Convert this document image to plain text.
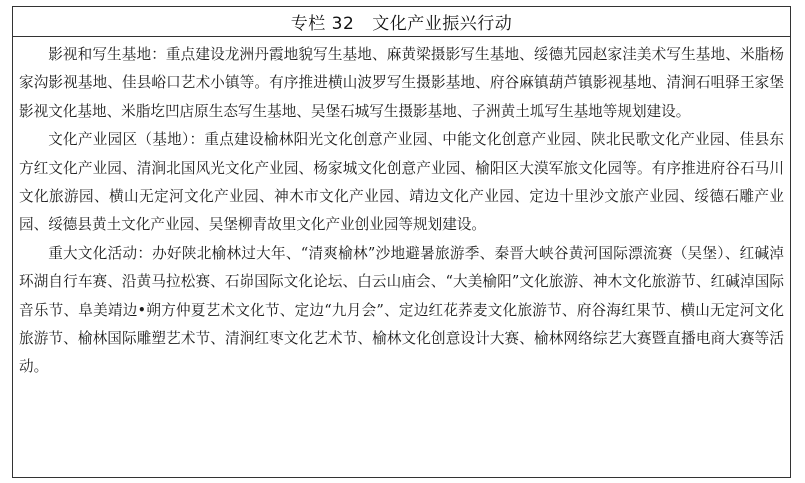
专栏 32 文化产业振兴行动

影视和写生基地：重点建设龙洲丹霞地貌写生基地、麻黄梁摄影写生基地、绥德艽园赵家洼美术写生基地、米脂杨家沟影视基地、佳县峪口艺术小镇等。有序推进横山波罗写生摄影基地、府谷麻镇葫芦镇影视基地、清涧石咀驿王家堡影视文化基地、米脂圪凹店原生态写生基地、吴堡石城写生摄影基地、子洲黄土坬写生基地等规划建设。

文化产业园区（基地）：重点建设榆林阳光文化创意产业园、中能文化创意产业园、陕北民歌文化产业园、佳县东方红文化产业园、清涧北国风光文化产业园、杨家城文化创意产业园、榆阳区大漠军旅文化园等。有序推进府谷石马川文化旅游园、横山无定河文化产业园、神木市文化产业园、靖边文化产业园、定边十里沙文旅产业园、绥德石雕产业园、绥德县黄土文化产业园、吴堡柳青故里文化产业创业园等规划建设。

重大文化活动：办好陕北榆林过大年、“清爽榆林”沙地避暑旅游季、秦晋大峡谷黄河国际漂流赛（吴堡）、红碱淖环湖自行车赛、沿黄马拉松赛、石峁国际文化论坛、白云山庙会、“大美榆阳”文化旅游、神木文化旅游节、红碱淖国际音乐节、阜美靖边•朔方仲夏艺术文化节、定边“九月会”、定边红花荞麦文化旅游节、府谷海红果节、横山无定河文化旅游节、榆林国际雕塑艺术节、清涧红枣文化艺术节、榆林文化创意设计大赛、榆林网络综艺大赛暨直播电商大赛等活动。
